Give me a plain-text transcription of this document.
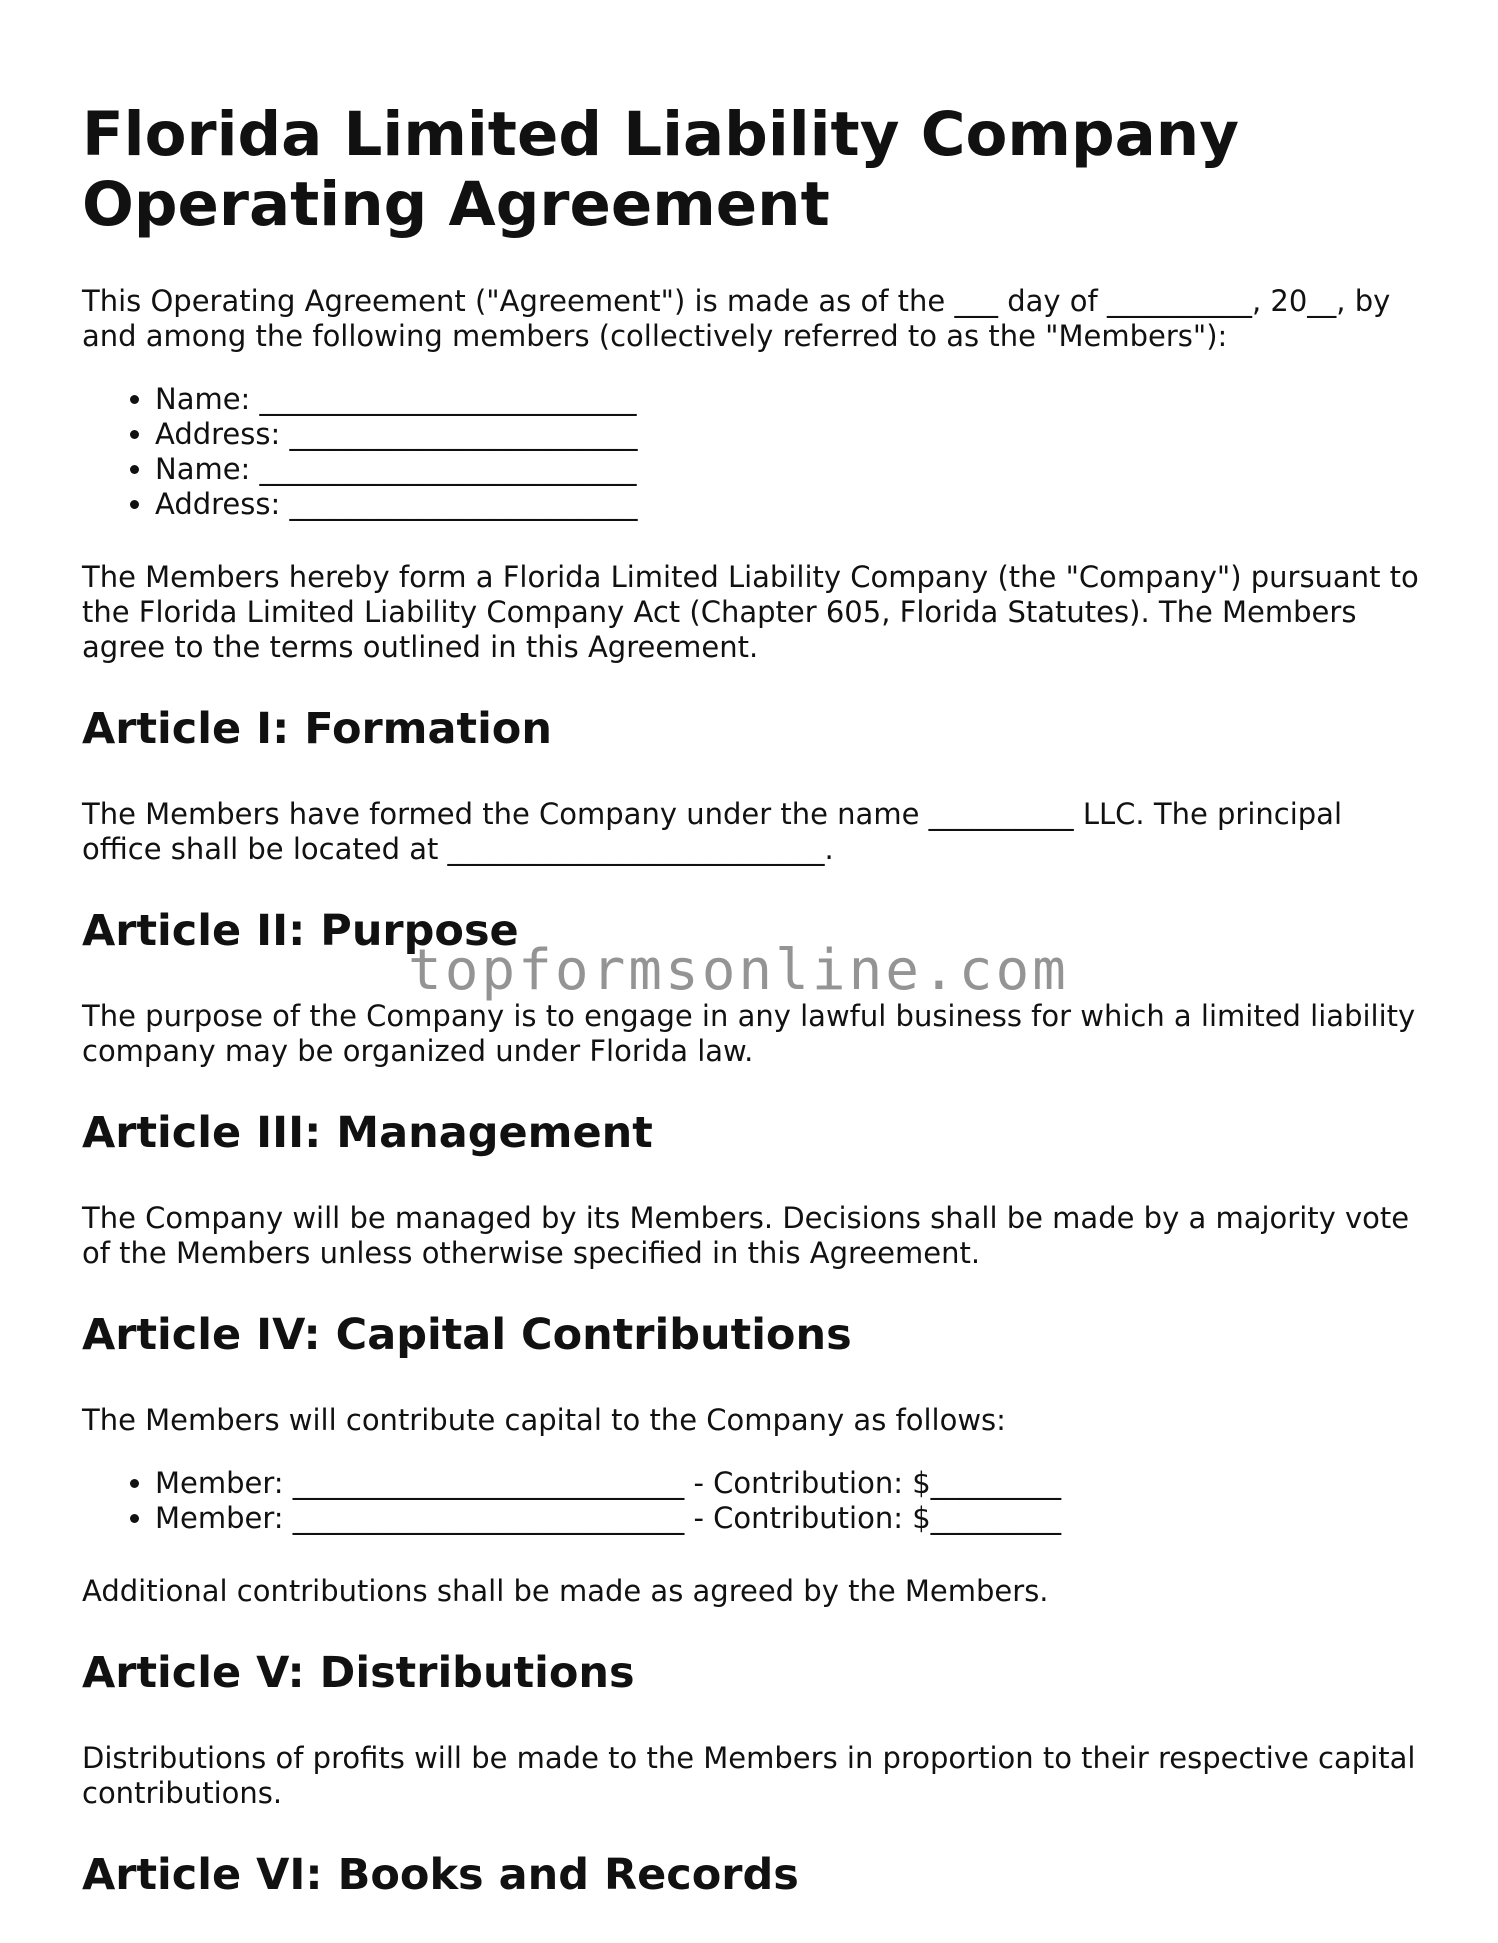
Florida Limited Liability Company
Operating Agreement

This Operating Agreement ("Agreement") is made as of the ___ day of __________, 20__, by and among the following members (collectively referred to as the "Members"):

• Name: __________________________
• Address: ________________________
• Name: __________________________
• Address: ________________________

The Members hereby form a Florida Limited Liability Company (the "Company") pursuant to the Florida Limited Liability Company Act (Chapter 605, Florida Statutes). The Members agree to the terms outlined in this Agreement.

Article I: Formation

The Members have formed the Company under the name __________ LLC. The principal office shall be located at __________________________.

Article II: Purpose

The purpose of the Company is to engage in any lawful business for which a limited liability company may be organized under Florida law.

Article III: Management

The Company will be managed by its Members. Decisions shall be made by a majority vote of the Members unless otherwise specified in this Agreement.

Article IV: Capital Contributions

The Members will contribute capital to the Company as follows:

• Member: ___________________________ - Contribution: $_________
• Member: ___________________________ - Contribution: $_________

Additional contributions shall be made as agreed by the Members.

Article V: Distributions

Distributions of profits will be made to the Members in proportion to their respective capital contributions.

Article VI: Books and Records
topformsonline.com
